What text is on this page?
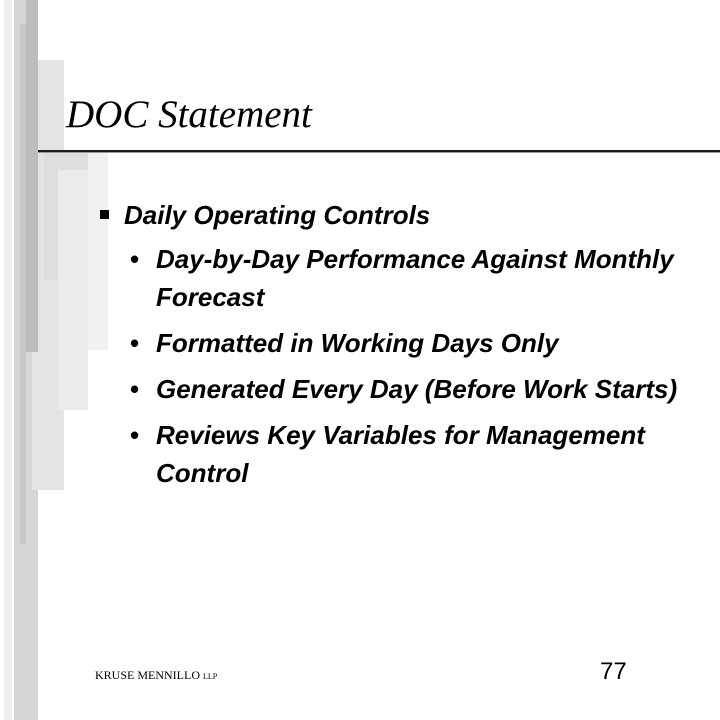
DOC Statement
Daily Operating Controls
• Day-by-Day Performance Against Monthly Forecast
• Formatted in Working Days Only
• Generated Every Day (Before Work Starts)
• Reviews Key Variables for Management Control
KRUSE MENNILLO LLP	77
